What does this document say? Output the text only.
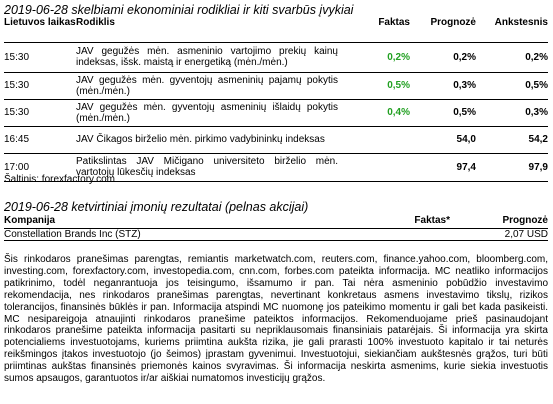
2019-06-28 skelbiami ekonominiai rodikliai ir kiti svarbūs įvykiai
Lietuvos laikas	Rodiklis	Faktas	Prognozė	Ankstesnis
15:30	JAV gegužės mėn. asmeninio vartojimo prekių kainų indeksas, išsk. maistą ir energetiką (mėn./mėn.)	0,2%	0,2%	0,2%
15:30	JAV gegužės mėn. gyventojų asmeninių pajamų pokytis (mėn./mėn.)	0,5%	0,3%	0,5%
15:30	JAV gegužės mėn. gyventojų asmeninių išlaidų pokytis (mėn./mėn.)	0,4%	0,5%	0,3%
16:45	JAV Čikagos birželio mėn. pirkimo vadybininkų indeksas		54,0	54,2
17:00	Patikslintas JAV Mičigano universiteto birželio mėn. vartotojų lūkesčių indeksas		97,4	97,9
Šaltinis: forexfactory.com
2019-06-28 ketvirtiniai įmonių rezultatai (pelnas akcijai)
Kompanija	Faktas*	Prognozė
Constellation Brands Inc (STZ)		2,07 USD
Šis rinkodaros pranešimas parengtas, remiantis marketwatch.com, reuters.com, finance.yahoo.com, bloomberg.com, investing.com, forexfactory.com, investopedia.com, cnn.com, forbes.com pateikta informacija. MC neatliko informacijos patikrinimo, todėl neganrantuoja jos teisingumo, išsamumo ir pan. Tai nėra asmeninio pobūdžio investavimo rekomendacija, nes rinkodaros pranešimas parengtas, nevertinant konkretaus asmens investavimo tikslų, rizikos tolerancijos, finansinės būklės ir pan. Informacija atspindi MC nuomonę jos pateikimo momentu ir gali bet kada pasikeisti. MC nesipareigoja atnaujinti rinkodaros pranešime pateiktos informacijos. Rekomenduojame prieš pasinaudojant rinkodaros pranešime pateikta informacija pasitarti su nepriklausomais finansiniais patarėjais. Ši informacija yra skirta potencialiems investuotojams, kuriems priimtina aukšta rizika, jie gali prarasti 100% investuoto kapitalo ir tai neturės reikšmingos įtakos investuotojo (jo šeimos) įprastam gyvenimui. Investuotojui, siekiančiam aukštesnės grąžos, turi būti priimtinas aukštas finansinės priemonės kainos svyravimas. Ši informacija neskirta asmenims, kurie siekia investuotis sumos apsaugos, garantuotos ir/ar aiškiai numatomos investicijų grąžos.
